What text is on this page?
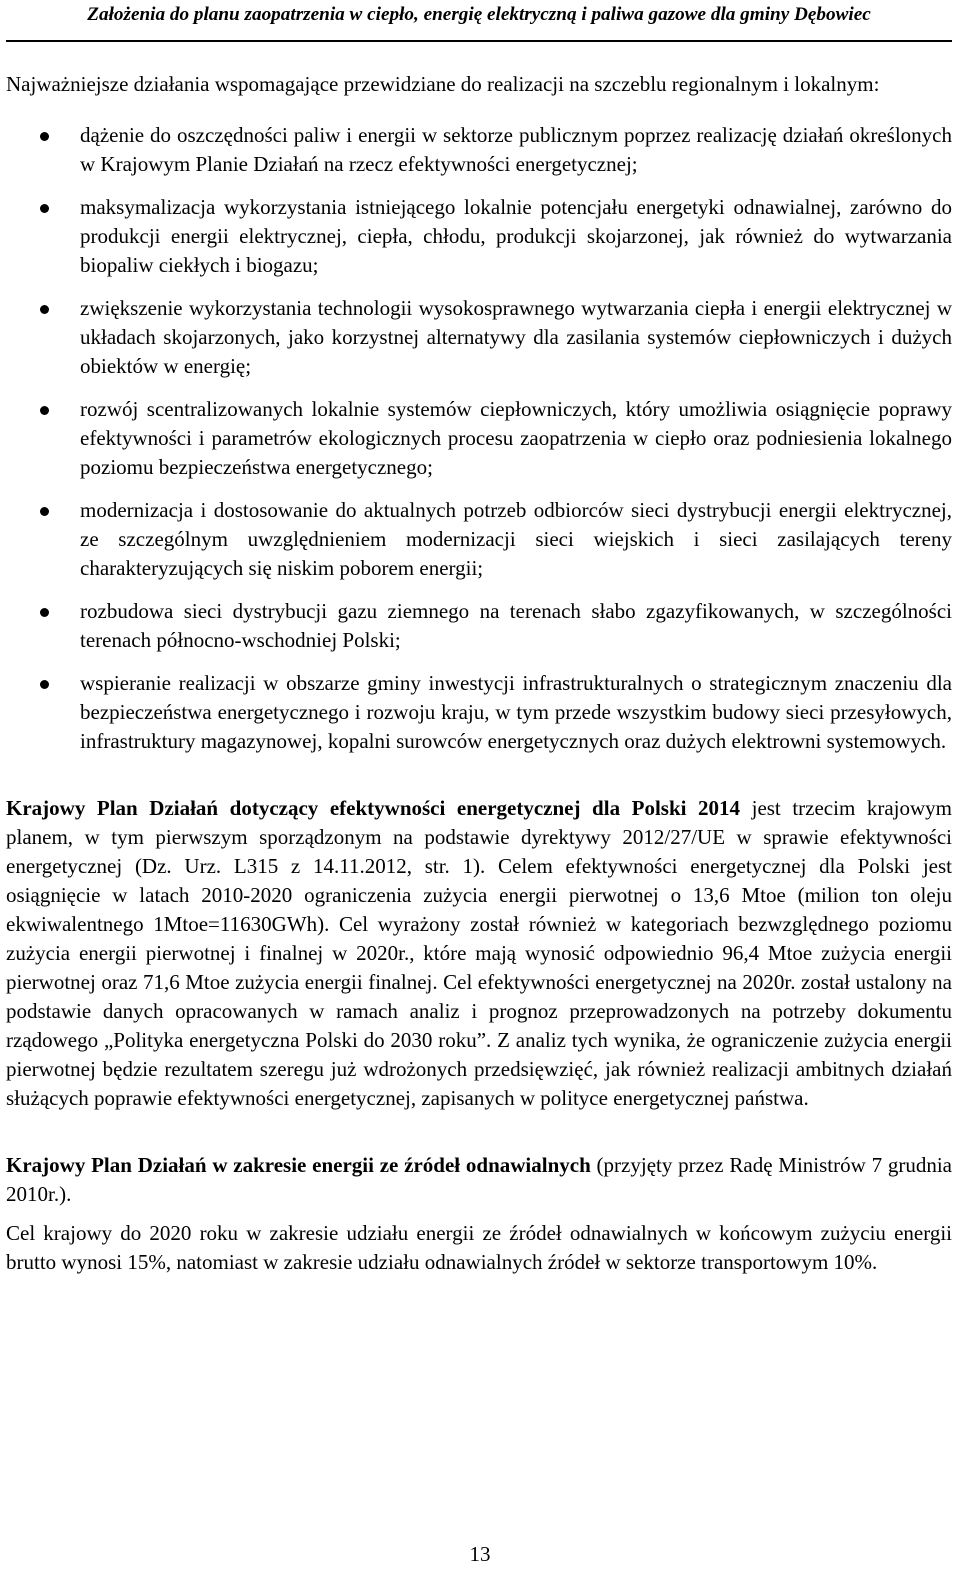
Założenia do planu zaopatrzenia w ciepło, energię elektryczną i paliwa gazowe dla gminy Dębowiec

Najważniejsze działania wspomagające przewidziane do realizacji na szczeblu regionalnym i lokalnym:

dążenie do oszczędności paliw i energii w sektorze publicznym poprzez realizację działań określonych w Krajowym Planie Działań na rzecz efektywności energetycznej;
maksymalizacja wykorzystania istniejącego lokalnie potencjału energetyki odnawialnej, zarówno do produkcji energii elektrycznej, ciepła, chłodu, produkcji skojarzonej, jak również do wytwarzania biopaliw ciekłych i biogazu;
zwiększenie wykorzystania technologii wysokosprawnego wytwarzania ciepła i energii elektrycznej w układach skojarzonych, jako korzystnej alternatywy dla zasilania systemów ciepłowniczych i dużych obiektów w energię;
rozwój scentralizowanych lokalnie systemów ciepłowniczych, który umożliwia osiągnięcie poprawy efektywności i parametrów ekologicznych procesu zaopatrzenia w ciepło oraz podniesienia lokalnego poziomu bezpieczeństwa energetycznego;
modernizacja i dostosowanie do aktualnych potrzeb odbiorców sieci dystrybucji energii elektrycznej, ze szczególnym uwzględnieniem modernizacji sieci wiejskich i sieci zasilających tereny charakteryzujących się niskim poborem energii;
rozbudowa sieci dystrybucji gazu ziemnego na terenach słabo zgazyfikowanych, w szczególności terenach północno-wschodniej Polski;
wspieranie realizacji w obszarze gminy inwestycji infrastrukturalnych o strategicznym znaczeniu dla bezpieczeństwa energetycznego i rozwoju kraju, w tym przede wszystkim budowy sieci przesyłowych, infrastruktury magazynowej, kopalni surowców energetycznych oraz dużych elektrowni systemowych.

Krajowy Plan Działań dotyczący efektywności energetycznej dla Polski 2014 jest trzecim krajowym planem, w tym pierwszym sporządzonym na podstawie dyrektywy 2012/27/UE w sprawie efektywności energetycznej (Dz. Urz. L315 z 14.11.2012, str. 1). Celem efektywności energetycznej dla Polski jest osiągnięcie w latach 2010-2020 ograniczenia zużycia energii pierwotnej o 13,6 Mtoe (milion ton oleju ekwiwalentnego 1Mtoe=11630GWh). Cel wyrażony został również w kategoriach bezwzględnego poziomu zużycia energii pierwotnej i finalnej w 2020r., które mają wynosić odpowiednio 96,4 Mtoe zużycia energii pierwotnej oraz 71,6 Mtoe zużycia energii finalnej. Cel efektywności energetycznej na 2020r. został ustalony na podstawie danych opracowanych w ramach analiz i prognoz przeprowadzonych na potrzeby dokumentu rządowego „Polityka energetyczna Polski do 2030 roku”. Z analiz tych wynika, że ograniczenie zużycia energii pierwotnej będzie rezultatem szeregu już wdrożonych przedsięwzięć, jak również realizacji ambitnych działań służących poprawie efektywności energetycznej, zapisanych w polityce energetycznej państwa.

Krajowy Plan Działań w zakresie energii ze źródeł odnawialnych (przyjęty przez Radę Ministrów 7 grudnia 2010r.).

Cel krajowy do 2020 roku w zakresie udziału energii ze źródeł odnawialnych w końcowym zużyciu energii brutto wynosi 15%, natomiast w zakresie udziału odnawialnych źródeł w sektorze transportowym 10%.

13
